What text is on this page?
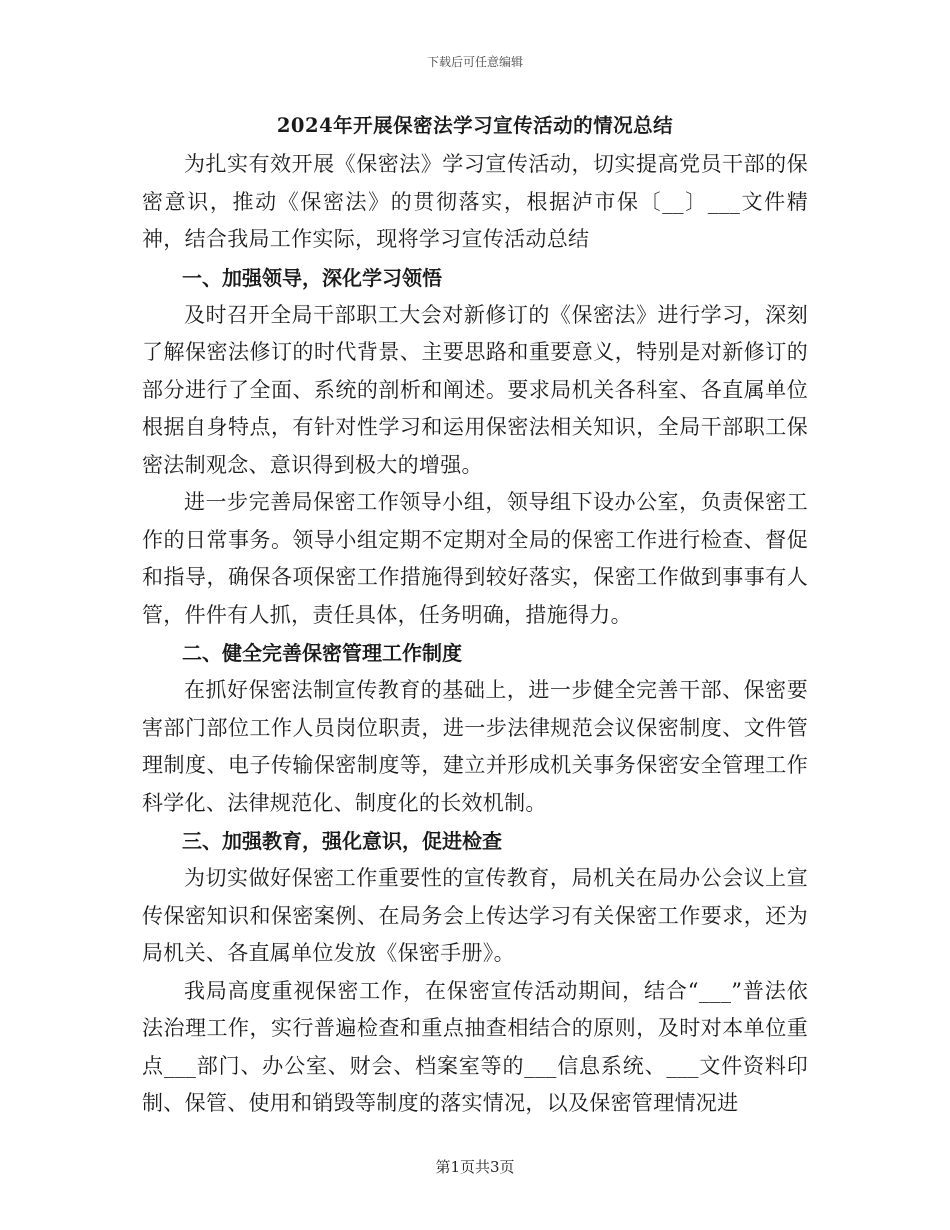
下载后可任意编辑

2024年开展保密法学习宣传活动的情况总结

为扎实有效开展《保密法》学习宣传活动，切实提高党员干部的保密意识，推动《保密法》的贯彻落实，根据泸市保〔__〕___文件精神，结合我局工作实际，现将学习宣传活动总结

一、加强领导，深化学习领悟

及时召开全局干部职工大会对新修订的《保密法》进行学习，深刻了解保密法修订的时代背景、主要思路和重要意义，特别是对新修订的部分进行了全面、系统的剖析和阐述。要求局机关各科室、各直属单位根据自身特点，有针对性学习和运用保密法相关知识，全局干部职工保密法制观念、意识得到极大的增强。

进一步完善局保密工作领导小组，领导组下设办公室，负责保密工作的日常事务。领导小组定期不定期对全局的保密工作进行检查、督促和指导，确保各项保密工作措施得到较好落实，保密工作做到事事有人管，件件有人抓，责任具体，任务明确，措施得力。

二、健全完善保密管理工作制度

在抓好保密法制宣传教育的基础上，进一步健全完善干部、保密要害部门部位工作人员岗位职责，进一步法律规范会议保密制度、文件管理制度、电子传输保密制度等，建立并形成机关事务保密安全管理工作科学化、法律规范化、制度化的长效机制。

三、加强教育，强化意识，促进检查

为切实做好保密工作重要性的宣传教育，局机关在局办公会议上宣传保密知识和保密案例、在局务会上传达学习有关保密工作要求，还为局机关、各直属单位发放《保密手册》。

我局高度重视保密工作，在保密宣传活动期间，结合“___”普法依法治理工作，实行普遍检查和重点抽查相结合的原则，及时对本单位重点___部门、办公室、财会、档案室等的___信息系统、___文件资料印制、保管、使用和销毁等制度的落实情况，以及保密管理情况进

第1页共3页
